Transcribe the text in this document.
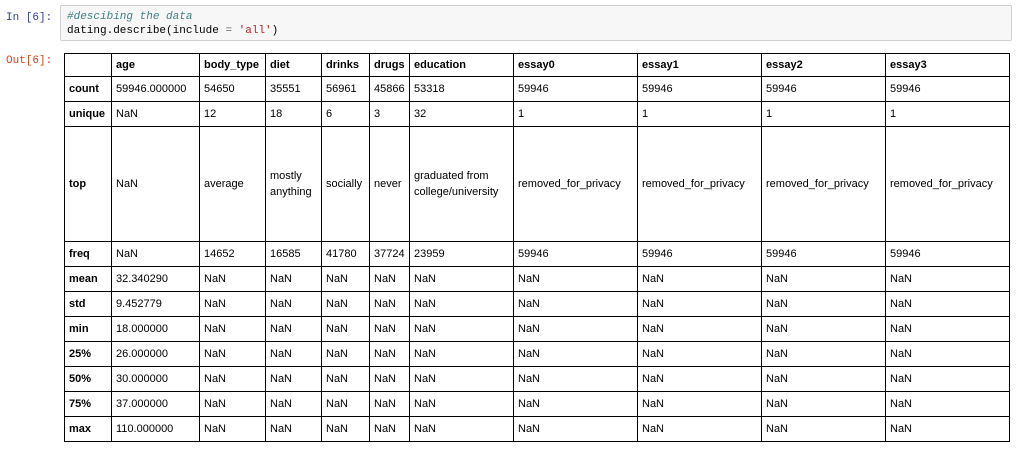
In [6]: #descibing the data
dating.describe(include = 'all')
Out[6]:
		age	body_type	diet	drinks	drugs	education	essay0	essay1	essay2	essay3
count	59946.000000	54650	35551	56961	45866	53318	59946	59946	59946	59946
unique	NaN	12	18	6	3	32	1	1	1	1
top	NaN	average	mostly anything	socially	never	graduated from college/university	removed_for_privacy	removed_for_privacy	removed_for_privacy	removed_for_privacy
freq	NaN	14652	16585	41780	37724	23959	59946	59946	59946	59946
mean	32.340290	NaN	NaN	NaN	NaN	NaN	NaN	NaN	NaN	NaN
std	9.452779	NaN	NaN	NaN	NaN	NaN	NaN	NaN	NaN	NaN
min	18.000000	NaN	NaN	NaN	NaN	NaN	NaN	NaN	NaN	NaN
25%	26.000000	NaN	NaN	NaN	NaN	NaN	NaN	NaN	NaN	NaN
50%	30.000000	NaN	NaN	NaN	NaN	NaN	NaN	NaN	NaN	NaN
75%	37.000000	NaN	NaN	NaN	NaN	NaN	NaN	NaN	NaN	NaN
max	110.000000	NaN	NaN	NaN	NaN	NaN	NaN	NaN	NaN	NaN
